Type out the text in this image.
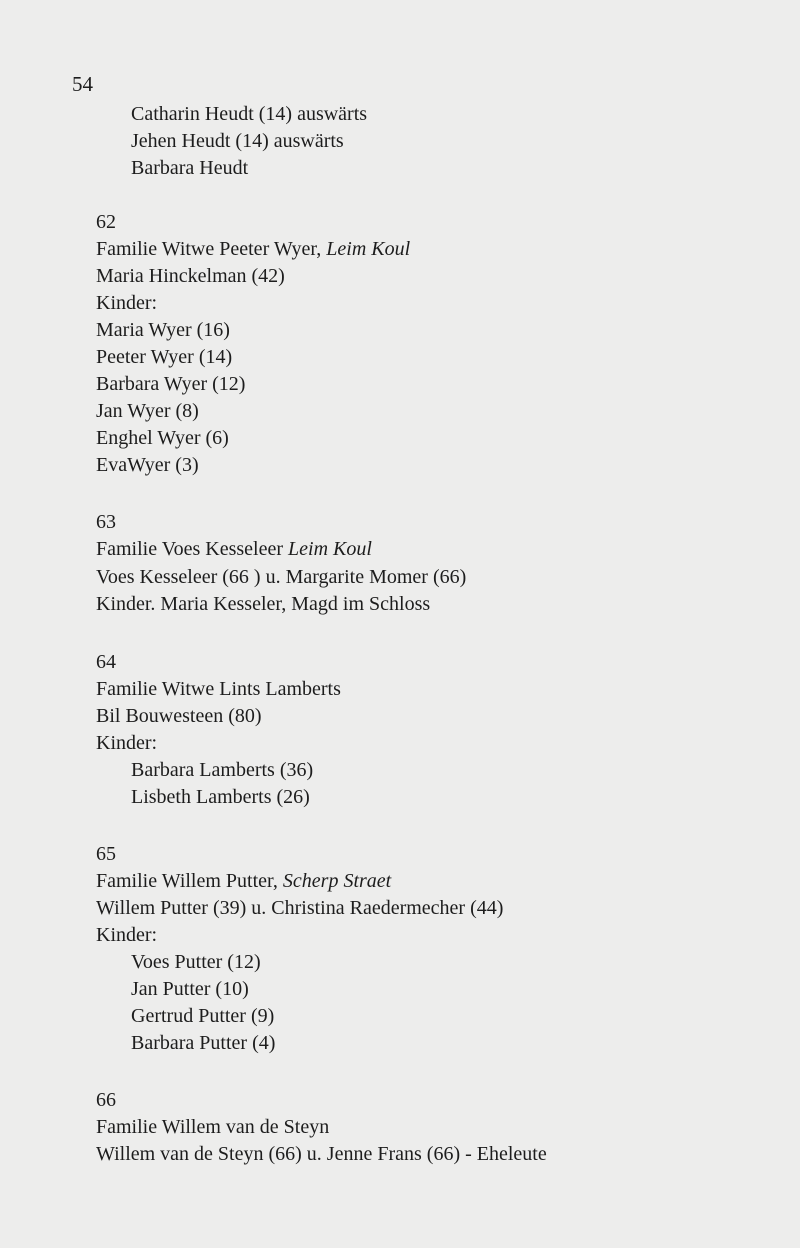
54
Catharin Heudt (14) auswärts
Jehen Heudt (14) auswärts
Barbara Heudt
62
Familie Witwe Peeter Wyer, Leim Koul
Maria Hinckelman (42)
Kinder:
Maria Wyer (16)
Peeter Wyer (14)
Barbara Wyer (12)
Jan Wyer (8)
Enghel Wyer (6)
EvaWyer (3)
63
Familie Voes Kesseleer Leim Koul
Voes Kesseleer (66 ) u. Margarite Momer (66)
Kinder. Maria Kesseler, Magd im Schloss
64
Familie Witwe Lints Lamberts
Bil Bouwesteen (80)
Kinder:
Barbara Lamberts (36)
Lisbeth Lamberts (26)
65
Familie Willem Putter, Scherp Straet
Willem Putter (39) u. Christina Raedermecher (44)
Kinder:
Voes Putter (12)
Jan Putter (10)
Gertrud Putter (9)
Barbara Putter (4)
66
Familie Willem van de Steyn
Willem van de Steyn (66) u. Jenne Frans (66) - Eheleute
